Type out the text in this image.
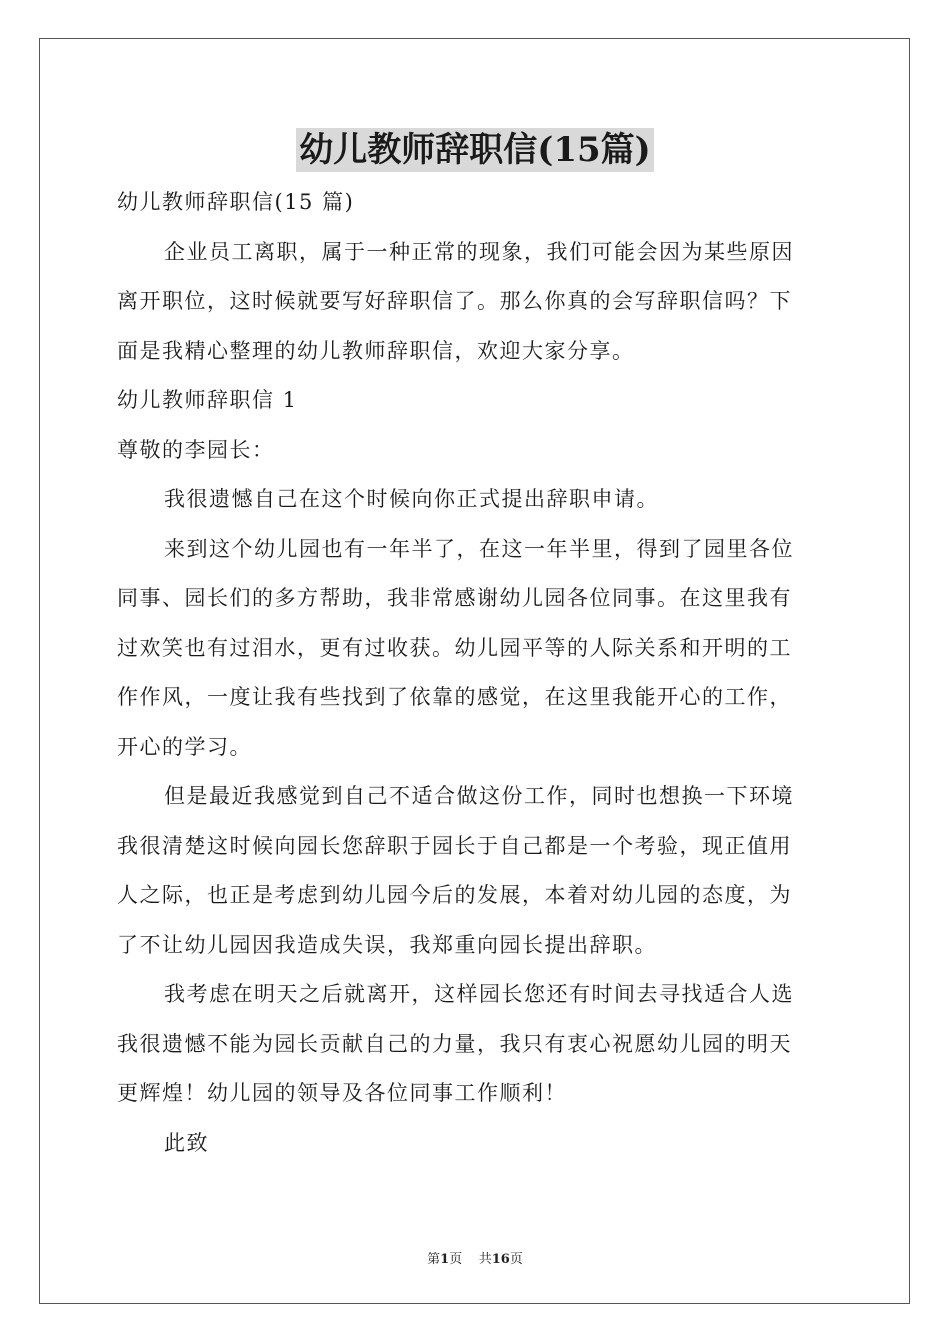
幼儿教师辞职信(15篇)

幼儿教师辞职信(15 篇)

企业员工离职，属于一种正常的现象，我们可能会因为某些原因

离开职位，这时候就要写好辞职信了。那么你真的会写辞职信吗？下

面是我精心整理的幼儿教师辞职信，欢迎大家分享。

幼儿教师辞职信 1

尊敬的李园长：

我很遗憾自己在这个时候向你正式提出辞职申请。

来到这个幼儿园也有一年半了，在这一年半里，得到了园里各位

同事、园长们的多方帮助，我非常感谢幼儿园各位同事。在这里我有

过欢笑也有过泪水，更有过收获。幼儿园平等的人际关系和开明的工

作作风，一度让我有些找到了依靠的感觉，在这里我能开心的工作，

开心的学习。

但是最近我感觉到自己不适合做这份工作，同时也想换一下环境

我很清楚这时候向园长您辞职于园长于自己都是一个考验，现正值用

人之际，也正是考虑到幼儿园今后的发展，本着对幼儿园的态度，为

了不让幼儿园因我造成失误，我郑重向园长提出辞职。

我考虑在明天之后就离开，这样园长您还有时间去寻找适合人选

我很遗憾不能为园长贡献自己的力量，我只有衷心祝愿幼儿园的明天

更辉煌！幼儿园的领导及各位同事工作顺利！

此致

第1页 共16页
